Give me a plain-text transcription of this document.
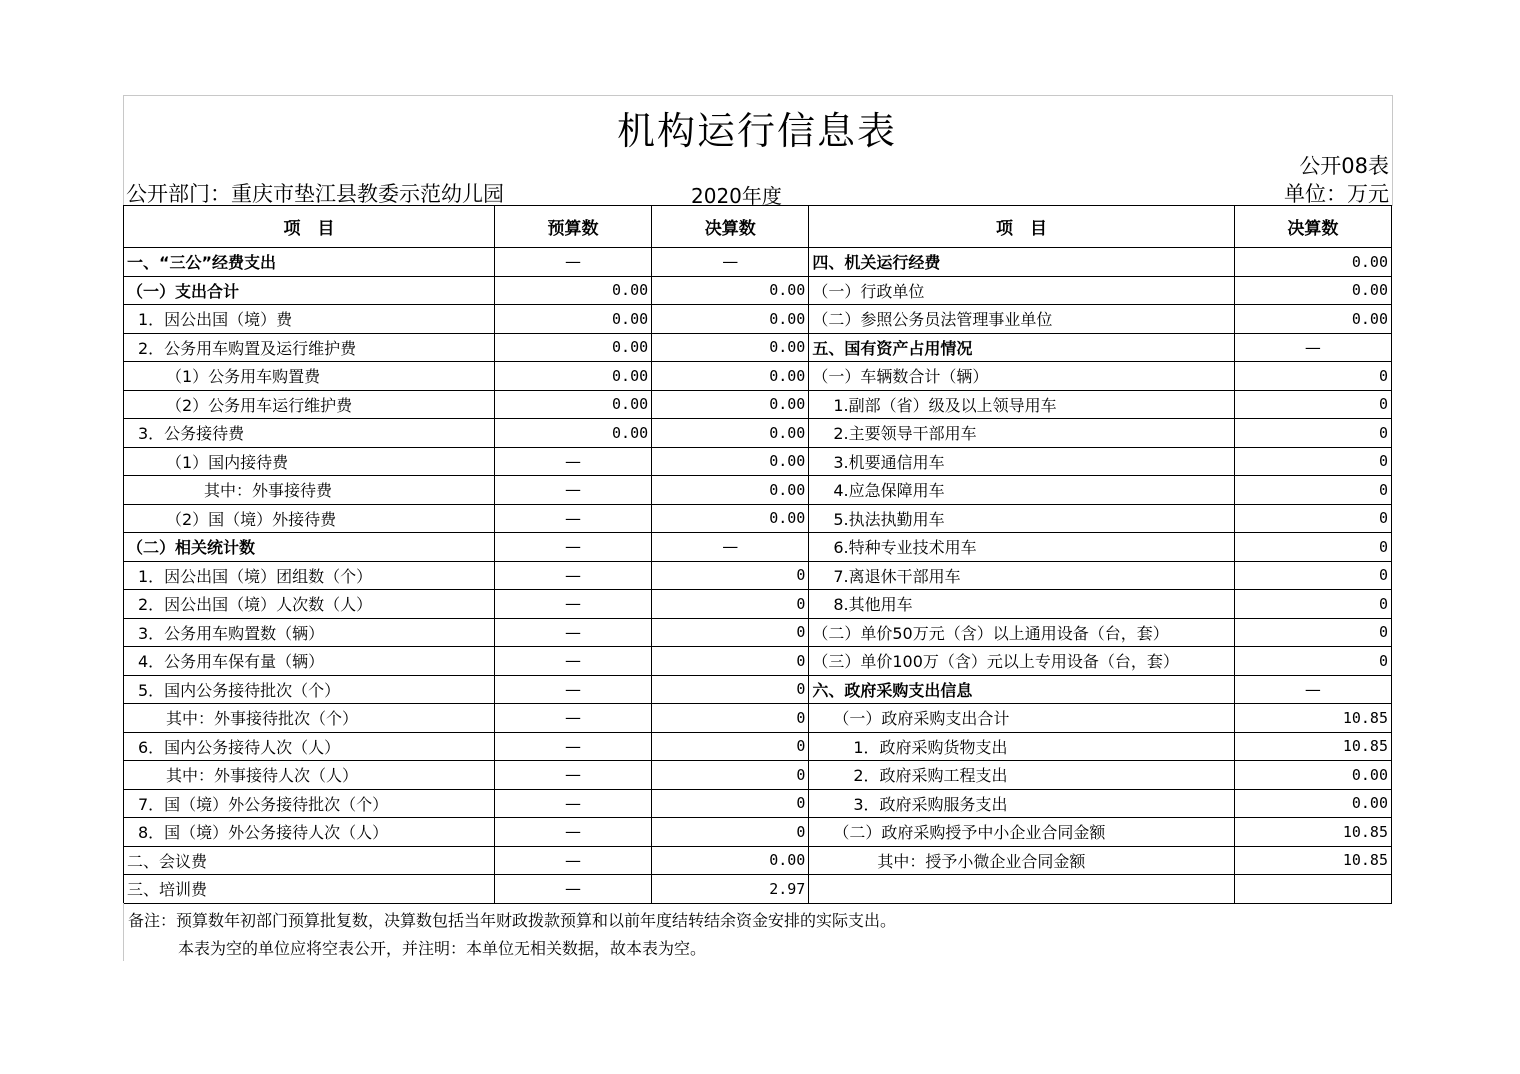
机构运行信息表
公开08表
公开部门：重庆市垫江县教委示范幼儿园	2020年度	单位：万元
项　目	预算数	决算数	项　目	决算数
一、“三公”经费支出	—	—	四、机关运行经费	0.00
（一）支出合计	0.00	0.00	（一）行政单位	0.00
1．因公出国（境）费	0.00	0.00	（二）参照公务员法管理事业单位	0.00
2．公务用车购置及运行维护费	0.00	0.00	五、国有资产占用情况	—
（1）公务用车购置费	0.00	0.00	（一）车辆数合计（辆）	0
（2）公务用车运行维护费	0.00	0.00	1.副部（省）级及以上领导用车	0
3．公务接待费	0.00	0.00	2.主要领导干部用车	0
（1）国内接待费	—	0.00	3.机要通信用车	0
其中：外事接待费	—	0.00	4.应急保障用车	0
（2）国（境）外接待费	—	0.00	5.执法执勤用车	0
（二）相关统计数	—	—	6.特种专业技术用车	0
1．因公出国（境）团组数（个）	—	0	7.离退休干部用车	0
2．因公出国（境）人次数（人）	—	0	8.其他用车	0
3．公务用车购置数（辆）	—	0	（二）单价50万元（含）以上通用设备（台，套）	0
4．公务用车保有量（辆）	—	0	（三）单价100万（含）元以上专用设备（台，套）	0
5．国内公务接待批次（个）	—	0	六、政府采购支出信息	—
其中：外事接待批次（个）	—	0	（一）政府采购支出合计	10.85
6．国内公务接待人次（人）	—	0	1．政府采购货物支出	10.85
其中：外事接待人次（人）	—	0	2．政府采购工程支出	0.00
7．国（境）外公务接待批次（个）	—	0	3．政府采购服务支出	0.00
8．国（境）外公务接待人次（人）	—	0	（二）政府采购授予中小企业合同金额	10.85
二、会议费	—	0.00	其中：授予小微企业合同金额	10.85
三、培训费	—	2.97		
备注：预算数年初部门预算批复数，决算数包括当年财政拨款预算和以前年度结转结余资金安排的实际支出。
本表为空的单位应将空表公开，并注明：本单位无相关数据，故本表为空。
